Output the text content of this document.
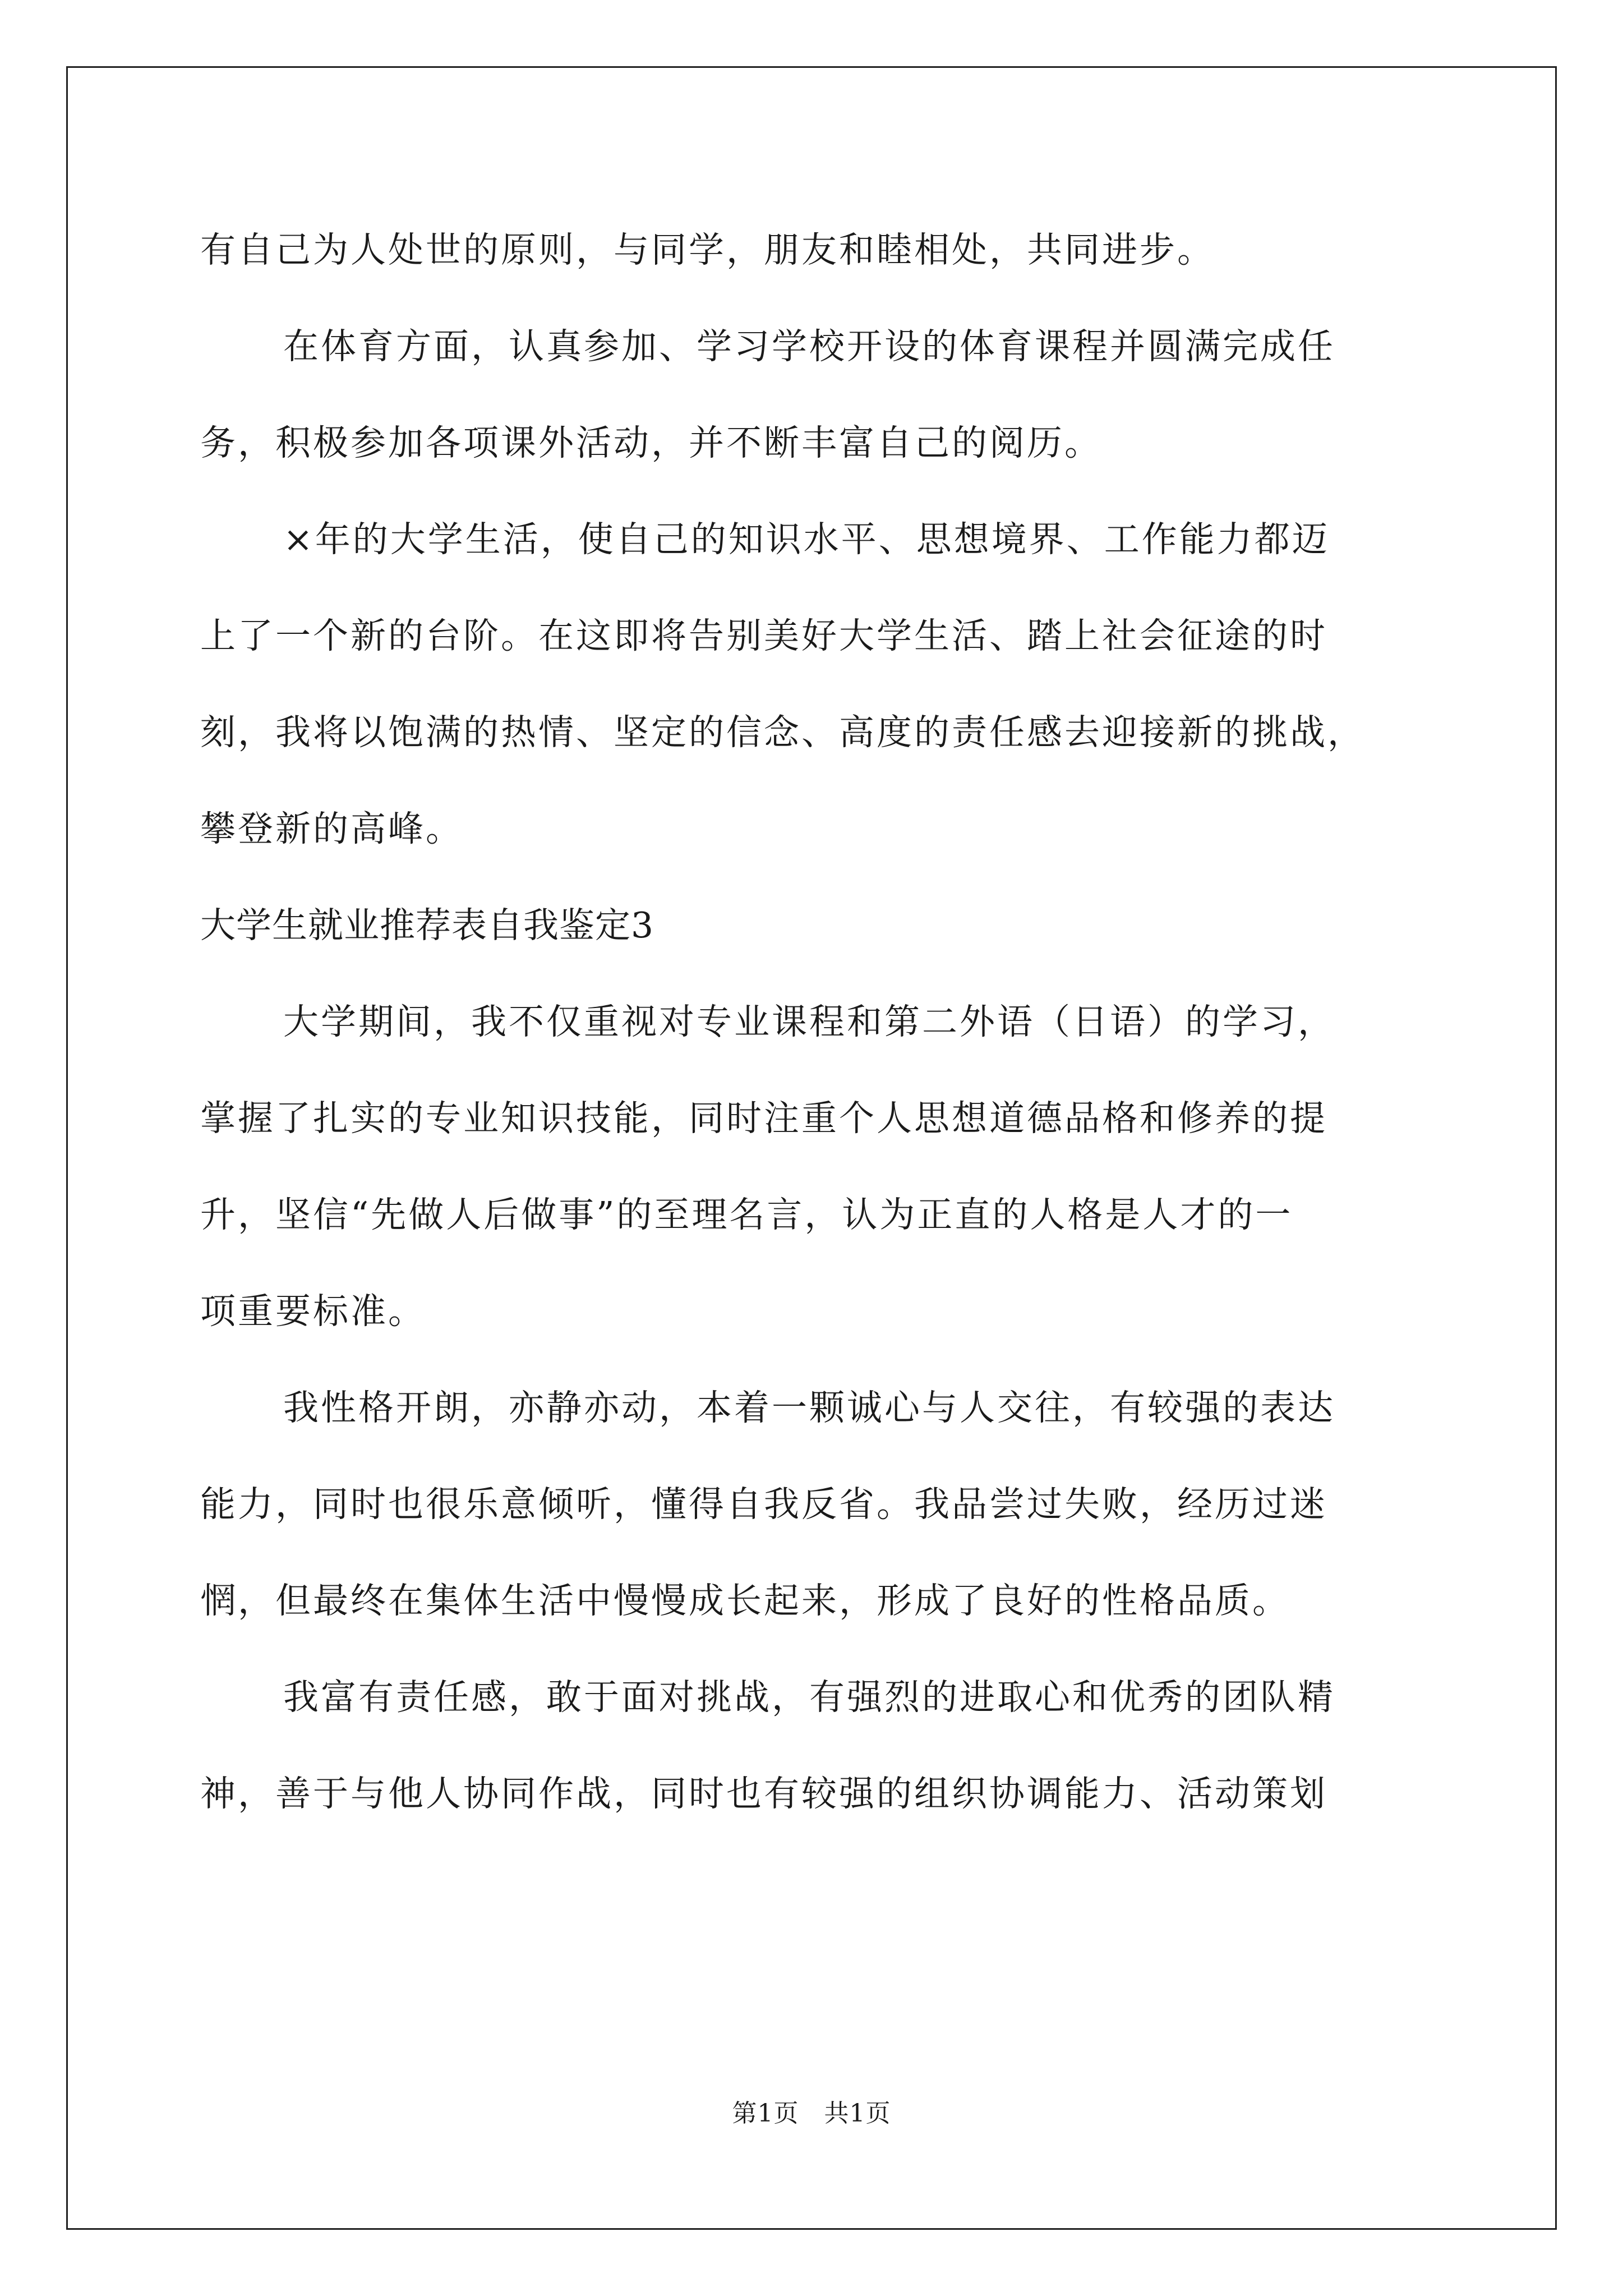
有自己为人处世的原则，与同学，朋友和睦相处，共同进步。
在体育方面，认真参加、学习学校开设的体育课程并圆满完成任
务，积极参加各项课外活动，并不断丰富自己的阅历。
×年的大学生活，使自己的知识水平、思想境界、工作能力都迈
上了一个新的台阶。在这即将告别美好大学生活、踏上社会征途的时
刻，我将以饱满的热情、坚定的信念、高度的责任感去迎接新的挑战，
攀登新的高峰。
大学生就业推荐表自我鉴定3
大学期间，我不仅重视对专业课程和第二外语（日语）的学习，
掌握了扎实的专业知识技能，同时注重个人思想道德品格和修养的提
升，坚信“先做人后做事”的至理名言，认为正直的人格是人才的一
项重要标准。
我性格开朗，亦静亦动，本着一颗诚心与人交往，有较强的表达
能力，同时也很乐意倾听，懂得自我反省。我品尝过失败，经历过迷
惘，但最终在集体生活中慢慢成长起来，形成了良好的性格品质。
我富有责任感，敢于面对挑战，有强烈的进取心和优秀的团队精
神，善于与他人协同作战，同时也有较强的组织协调能力、活动策划
第1页　共1页
